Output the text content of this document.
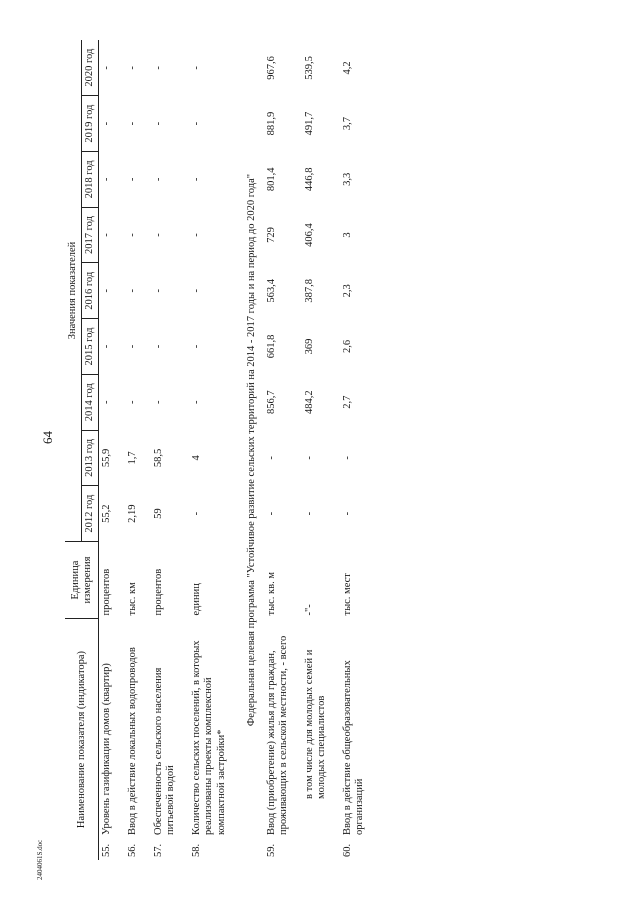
64
2404061S.doc
Наименование показателя (индикатора)	Единица измерения	Значения показателей								
		2012 год	2013 год	2014 год	2015 год	2016 год	2017 год	2018 год	2019 год	2020 год
55.Уровень газификации домов (квартир)	процентов	55,2	55,9	-	-	-	-	-	-	-

56.Ввод в действие локальных водопроводов	тыс. км	2,19	1,7	-	-	-	-	-	-	-

57.Обеспеченность сельского населения питьевой водой	процентов	59	58,5	-	-	-	-	-	-	-

58.Количество сельских поселений, в которых реализованы проекты комплексной компактной застройки*	единиц	-	4	-	-	-	-	-	-	-

Федеральная целевая программа "Устойчивое развитие сельских территорий на 2014 - 2017 годы и на период до 2020 года"										
59.Ввод (приобретение) жилья для граждан, проживающих в сельской местности, - всего	тыс. кв. м	-	-	856,7	661,8	563,4	729	801,4	881,9	967,6

в том числе для молодых семей и молодых специалистов	-"-	-	-	484,2	369	387,8	406,4	446,8	491,7	539,5

60.Ввод в действие общеобразовательных организаций	тыс. мест	-	-	2,7	2,6	2,3	3	3,3	3,7	4,2
